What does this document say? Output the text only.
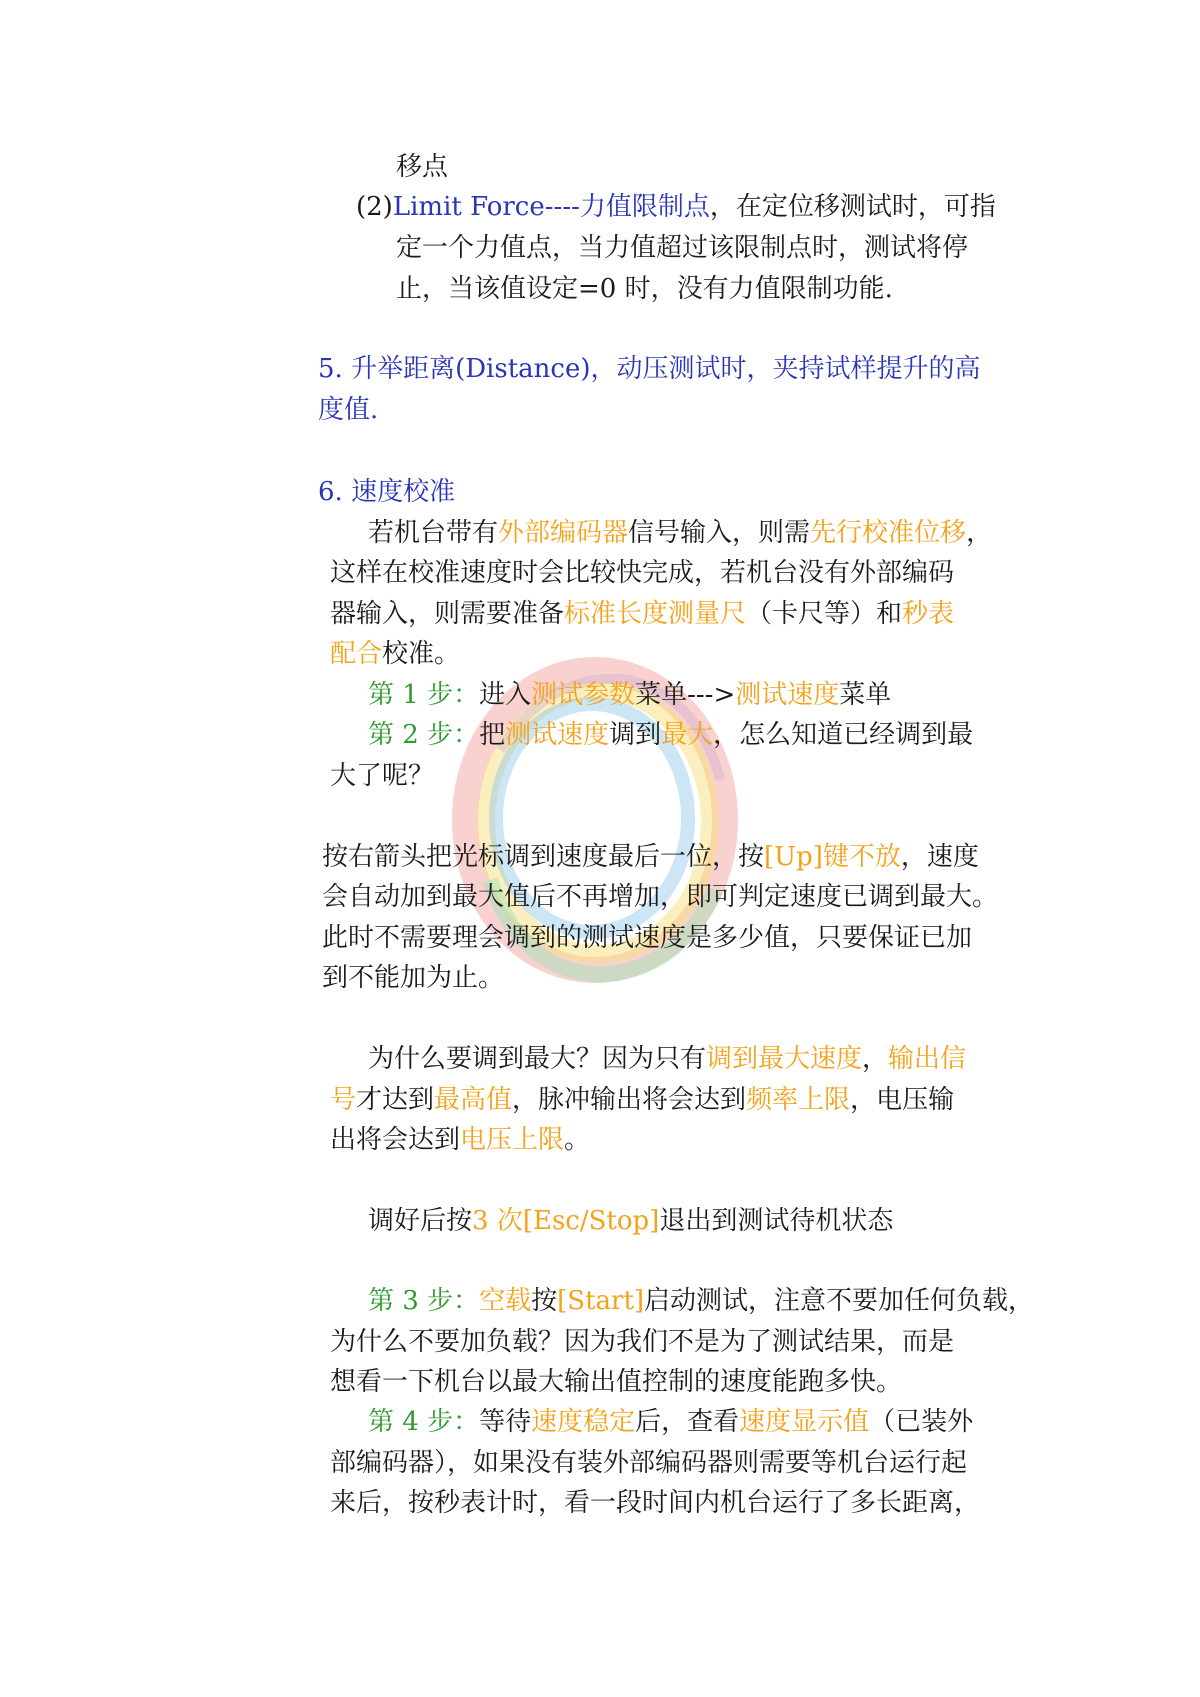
移点

(2)Limit Force----力值限制点，在定位移测试时，可指

定一个力值点，当力值超过该限制点时，测试将停

止，当该值设定=0 时，没有力值限制功能.

5. 升举距离(Distance)，动压测试时，夹持试样提升的高

度值.

6. 速度校准

若机台带有外部编码器信号输入，则需先行校准位移，

这样在校准速度时会比较快完成，若机台没有外部编码

器输入，则需要准备标准长度测量尺（卡尺等）和秒表

配合校准。

第 1 步：进入测试参数菜单--->测试速度菜单

第 2 步：把测试速度调到最大，怎么知道已经调到最

大了呢？

按右箭头把光标调到速度最后一位，按[Up]键不放，速度

会自动加到最大值后不再增加，即可判定速度已调到最大。

此时不需要理会调到的测试速度是多少值，只要保证已加

到不能加为止。

为什么要调到最大？因为只有调到最大速度，输出信

号才达到最高值，脉冲输出将会达到频率上限，电压输

出将会达到电压上限。

调好后按3 次[Esc/Stop]退出到测试待机状态

第 3 步：空载按[Start]启动测试，注意不要加任何负载，

为什么不要加负载？因为我们不是为了测试结果，而是

想看一下机台以最大输出值控制的速度能跑多快。

第 4 步：等待速度稳定后，查看速度显示值（已装外

部编码器），如果没有装外部编码器则需要等机台运行起

来后，按秒表计时，看一段时间内机台运行了多长距离，
